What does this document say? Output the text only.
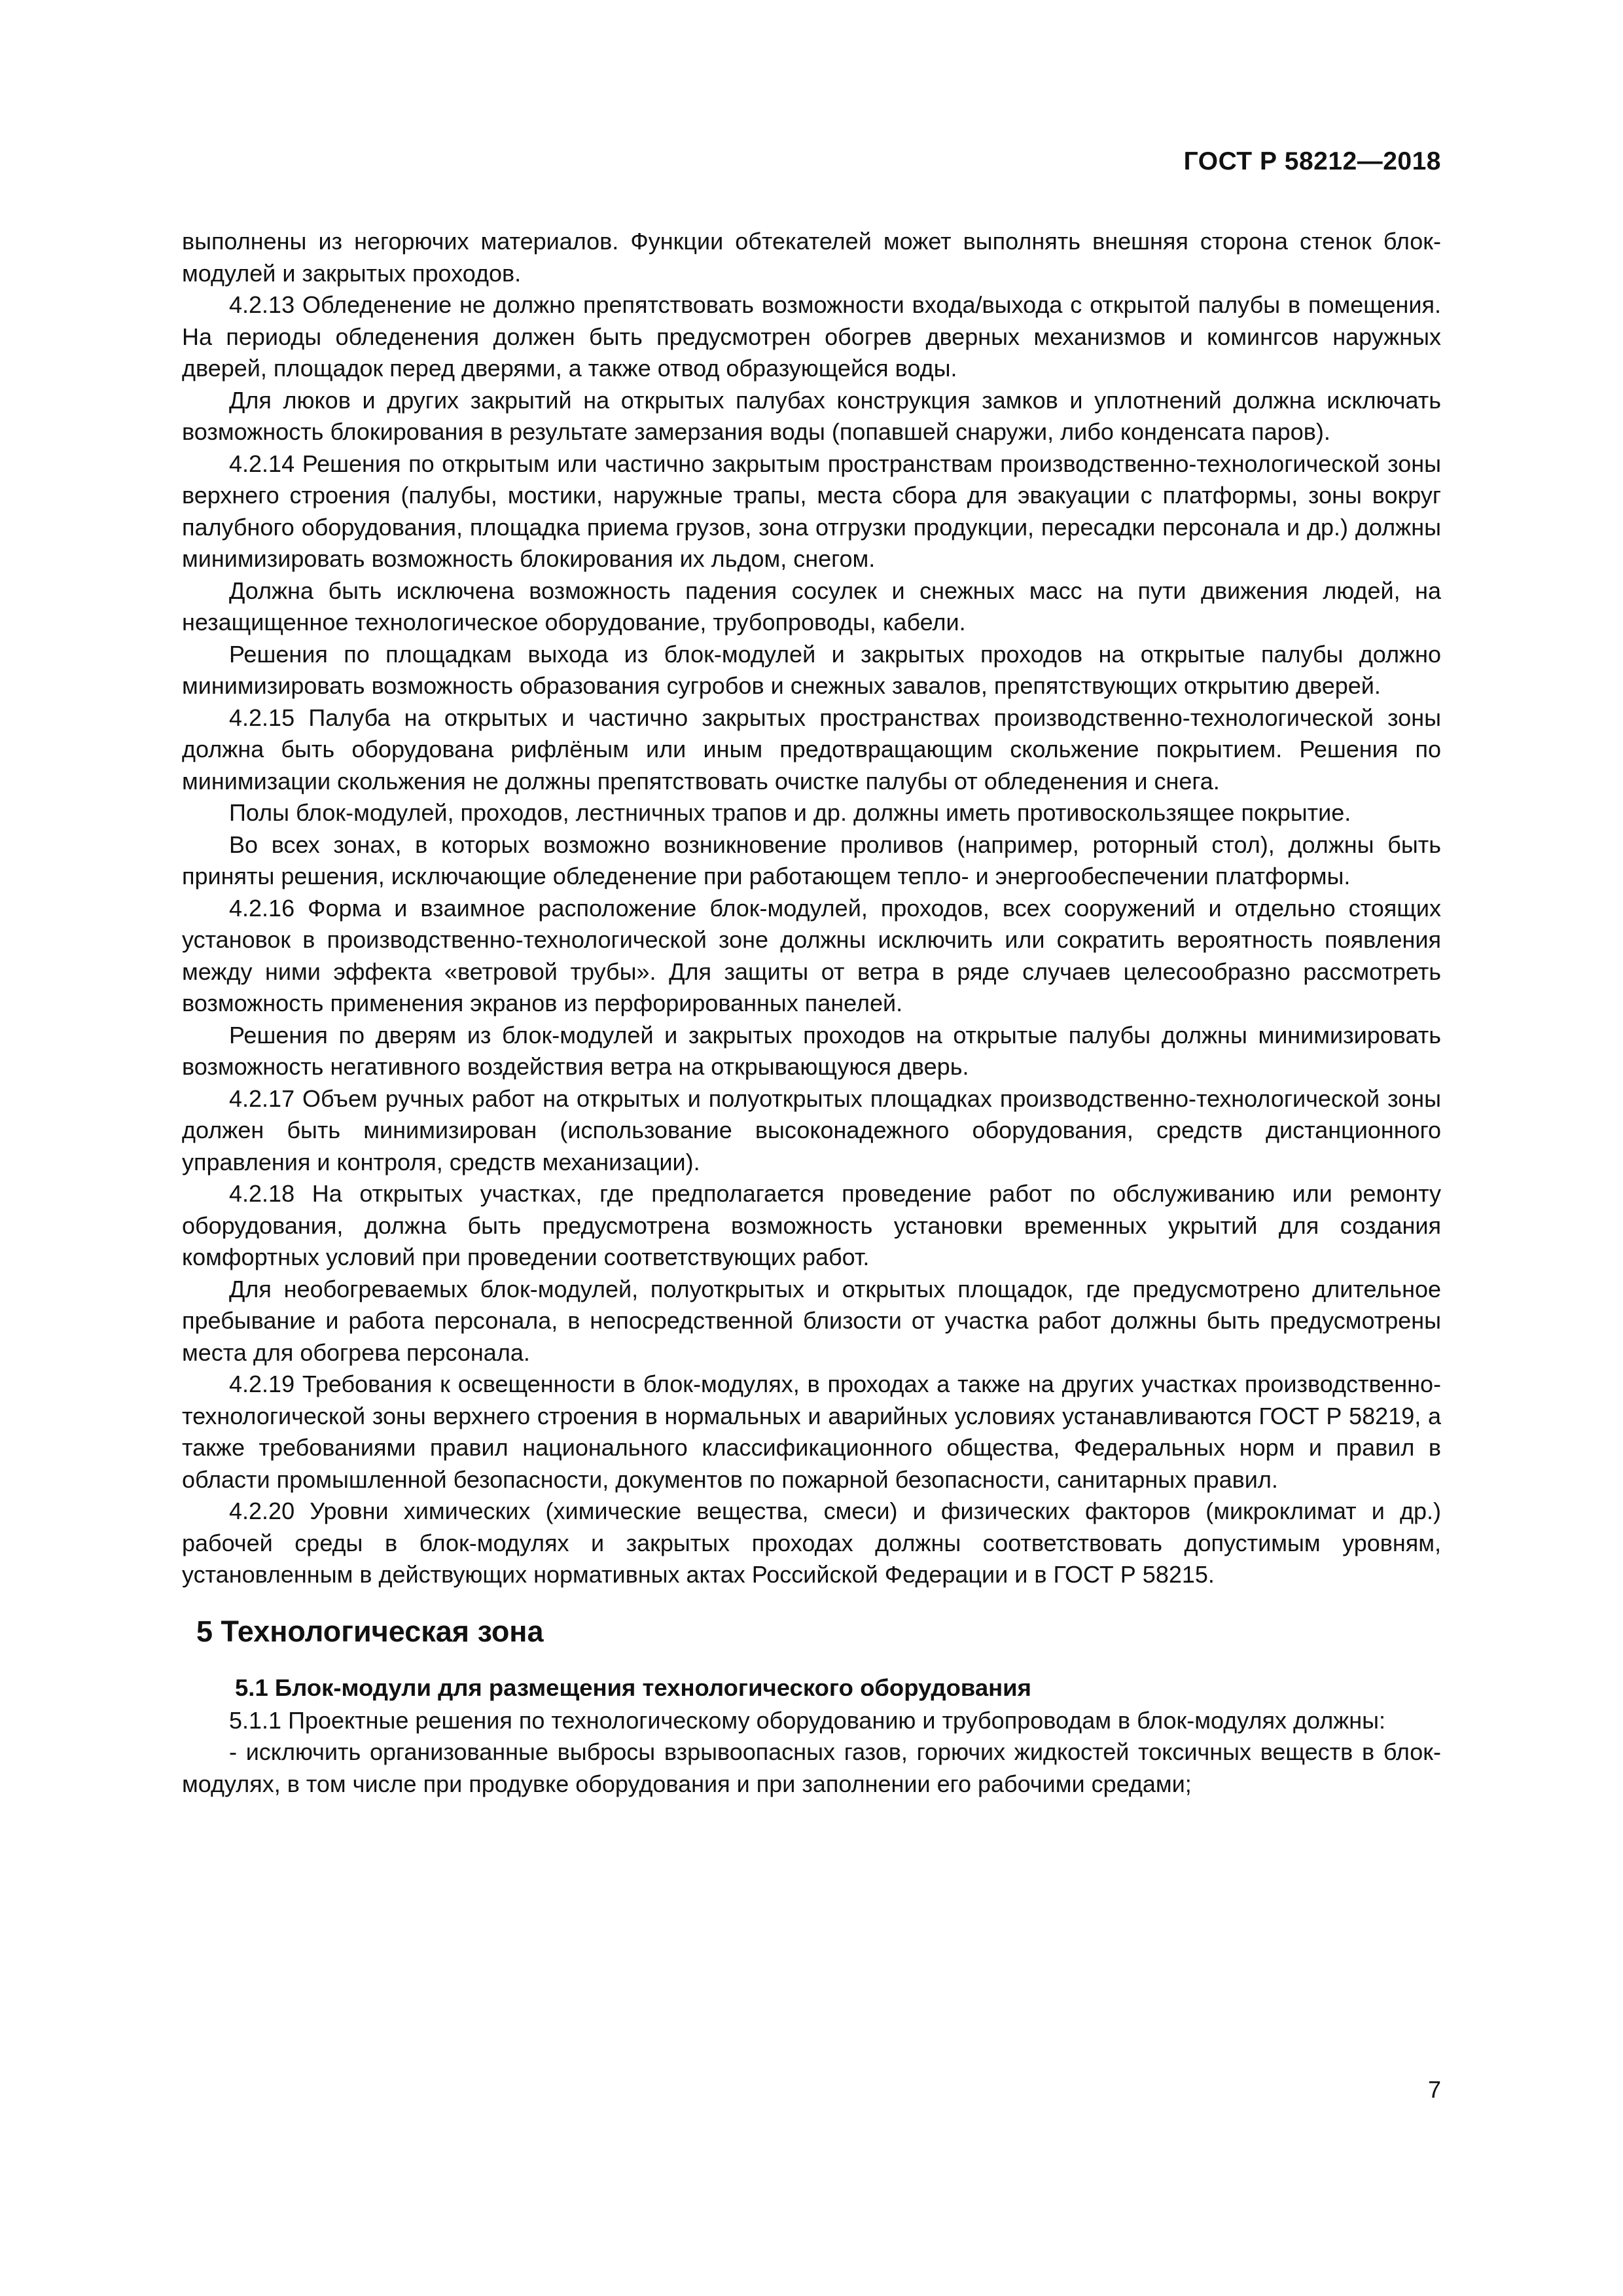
ГОСТ Р 58212—2018

выполнены из негорючих материалов. Функции обтекателей может выполнять внешняя сторона стенок блок-модулей и закрытых проходов.

4.2.13 Обледенение не должно препятствовать возможности входа/выхода с открытой палубы в помещения. На периоды обледенения должен быть предусмотрен обогрев дверных механизмов и комингсов наружных дверей, площадок перед дверями, а также отвод образующейся воды.

Для люков и других закрытий на открытых палубах конструкция замков и уплотнений должна исключать возможность блокирования в результате замерзания воды (попавшей снаружи, либо конденсата паров).

4.2.14 Решения по открытым или частично закрытым пространствам производственно-технологической зоны верхнего строения (палубы, мостики, наружные трапы, места сбора для эвакуации с платформы, зоны вокруг палубного оборудования, площадка приема грузов, зона отгрузки продукции, пересадки персонала и др.) должны минимизировать возможность блокирования их льдом, снегом.

Должна быть исключена возможность падения сосулек и снежных масс на пути движения людей, на незащищенное технологическое оборудование, трубопроводы, кабели.

Решения по площадкам выхода из блок-модулей и закрытых проходов на открытые палубы должно минимизировать возможность образования сугробов и снежных завалов, препятствующих открытию дверей.

4.2.15 Палуба на открытых и частично закрытых пространствах производственно-технологической зоны должна быть оборудована рифлёным или иным предотвращающим скольжение покрытием. Решения по минимизации скольжения не должны препятствовать очистке палубы от обледенения и снега.

Полы блок-модулей, проходов, лестничных трапов и др. должны иметь противоскользящее покрытие.

Во всех зонах, в которых возможно возникновение проливов (например, роторный стол), должны быть приняты решения, исключающие обледенение при работающем тепло- и энергообеспечении платформы.

4.2.16 Форма и взаимное расположение блок-модулей, проходов, всех сооружений и отдельно стоящих установок в производственно-технологической зоне должны исключить или сократить вероятность появления между ними эффекта «ветровой трубы». Для защиты от ветра в ряде случаев целесообразно рассмотреть возможность применения экранов из перфорированных панелей.

Решения по дверям из блок-модулей и закрытых проходов на открытые палубы должны минимизировать возможность негативного воздействия ветра на открывающуюся дверь.

4.2.17 Объем ручных работ на открытых и полуоткрытых площадках производственно-технологической зоны должен быть минимизирован (использование высоконадежного оборудования, средств дистанционного управления и контроля, средств механизации).

4.2.18 На открытых участках, где предполагается проведение работ по обслуживанию или ремонту оборудования, должна быть предусмотрена возможность установки временных укрытий для создания комфортных условий при проведении соответствующих работ.

Для необогреваемых блок-модулей, полуоткрытых и открытых площадок, где предусмотрено длительное пребывание и работа персонала, в непосредственной близости от участка работ должны быть предусмотрены места для обогрева персонала.

4.2.19 Требования к освещенности в блок-модулях, в проходах а также на других участках производственно-технологической зоны верхнего строения в нормальных и аварийных условиях устанавливаются ГОСТ Р 58219, а также требованиями правил национального классификационного общества, Федеральных норм и правил в области промышленной безопасности, документов по пожарной безопасности, санитарных правил.

4.2.20 Уровни химических (химические вещества, смеси) и физических факторов (микроклимат и др.) рабочей среды в блок-модулях и закрытых проходах должны соответствовать допустимым уровням, установленным в действующих нормативных актах Российской Федерации и в ГОСТ Р 58215.

5 Технологическая зона

5.1 Блок-модули для размещения технологического оборудования

5.1.1 Проектные решения по технологическому оборудованию и трубопроводам в блок-модулях должны:

- исключить организованные выбросы взрывоопасных газов, горючих жидкостей токсичных веществ в блок-модулях, в том числе при продувке оборудования и при заполнении его рабочими средами;

7
